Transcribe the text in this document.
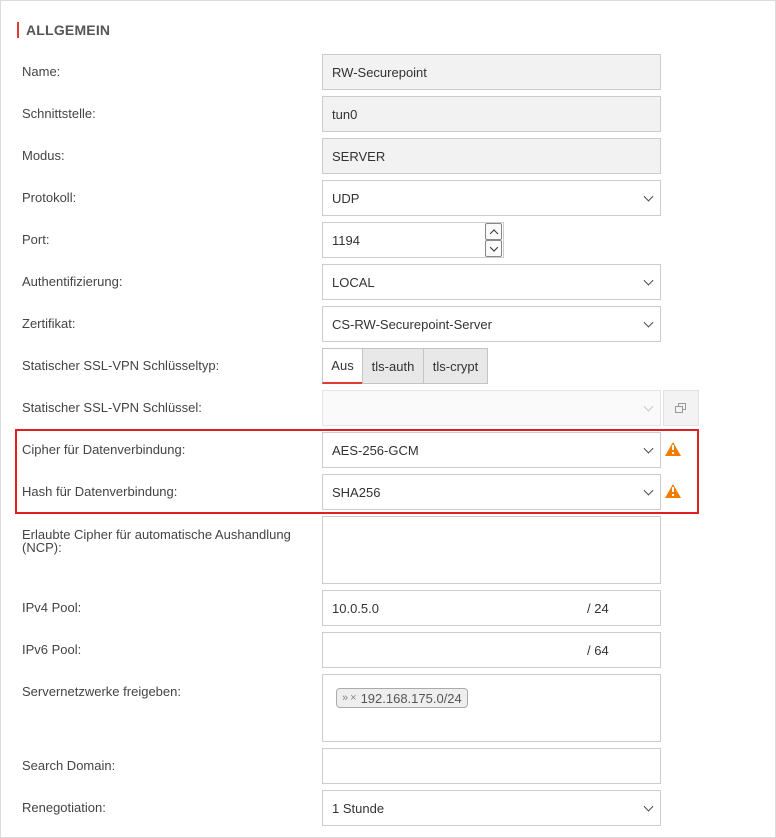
ALLGEMEIN
Name:	RW-Securepoint
Schnittstelle:	tun0
Modus:	SERVER
Protokoll:	UDP
Port:	1194
Authentifizierung:	LOCAL
Zertifikat:	CS-RW-Securepoint-Server
Statischer SSL-VPN Schlüsseltyp:	Aus	tls-auth	tls-crypt
Statischer SSL-VPN Schlüssel:
Cipher für Datenverbindung:	AES-256-GCM
Hash für Datenverbindung:	SHA256
Erlaubte Cipher für automatische Aushandlung (NCP):
IPv4 Pool:	10.0.5.0	/ 24
IPv6 Pool:	/ 64
Servernetzwerke freigeben:	» × 192.168.175.0/24
Search Domain:
Renegotiation:	1 Stunde
